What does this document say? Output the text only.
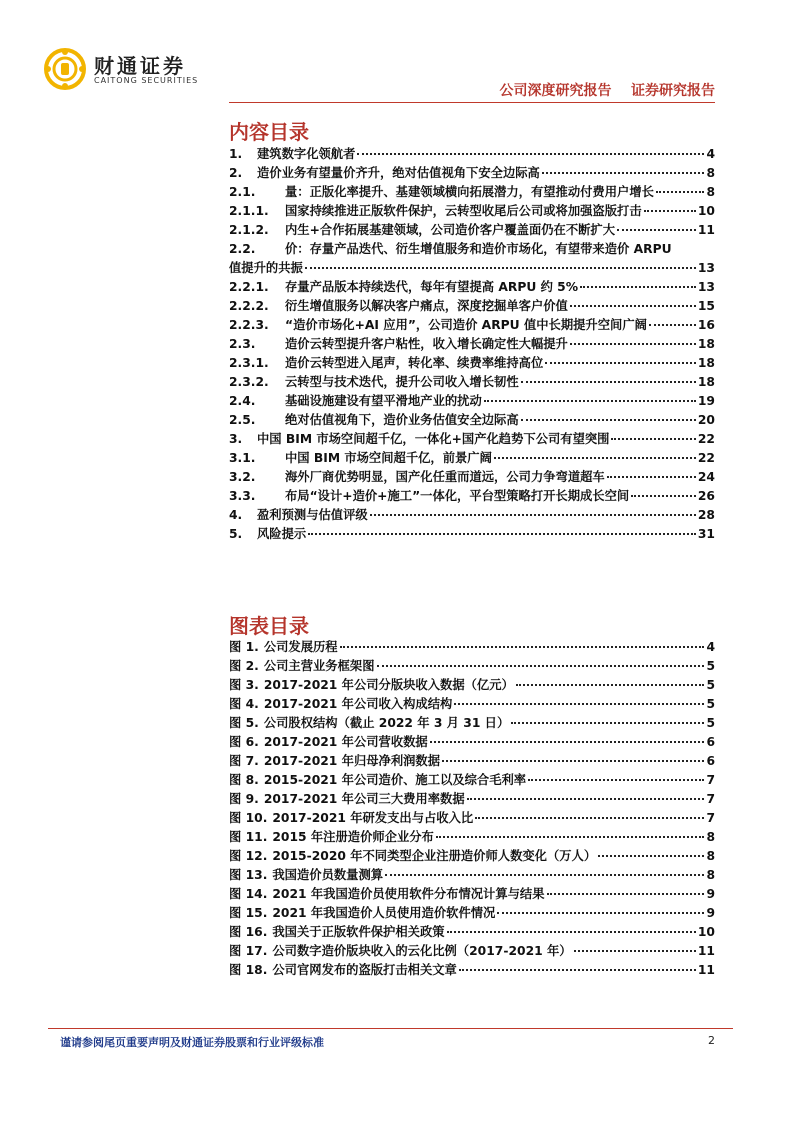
财通证券
CAITONG SECURITIES
公司深度研究报告    证券研究报告
内容目录
1.	建筑数字化领航者	4
2.	造价业务有望量价齐升，绝对估值视角下安全边际高	8
2.1.	量：正版化率提升、基建领域横向拓展潜力，有望推动付费用户增长	8
2.1.1.	国家持续推进正版软件保护，云转型收尾后公司或将加强盗版打击	10
2.1.2.	内生+合作拓展基建领域，公司造价客户覆盖面仍在不断扩大	11
2.2.	价：存量产品迭代、衍生增值服务和造价市场化，有望带来造价 ARPU
值提升的共振	13
2.2.1.	存量产品版本持续迭代，每年有望提高 ARPU 约 5%	13
2.2.2.	衍生增值服务以解决客户痛点，深度挖掘单客户价值	15
2.2.3.	“造价市场化+AI 应用”，公司造价 ARPU 值中长期提升空间广阔	16
2.3.	造价云转型提升客户粘性，收入增长确定性大幅提升	18
2.3.1.	造价云转型进入尾声，转化率、续费率维持高位	18
2.3.2.	云转型与技术迭代，提升公司收入增长韧性	18
2.4.	基础设施建设有望平滑地产业的扰动	19
2.5.	绝对估值视角下，造价业务估值安全边际高	20
3.	中国 BIM 市场空间超千亿，一体化+国产化趋势下公司有望突围	22
3.1.	中国 BIM 市场空间超千亿，前景广阔	22
3.2.	海外厂商优势明显，国产化任重而道远，公司力争弯道超车	24
3.3.	布局“设计+造价+施工”一体化，平台型策略打开长期成长空间	26
4.	盈利预测与估值评级	28
5.	风险提示	31
图表目录
图 1. 公司发展历程	4
图 2. 公司主营业务框架图	5
图 3. 2017-2021 年公司分版块收入数据（亿元）	5
图 4. 2017-2021 年公司收入构成结构	5
图 5. 公司股权结构（截止 2022 年 3 月 31 日）	5
图 6. 2017-2021 年公司营收数据	6
图 7. 2017-2021 年归母净利润数据	6
图 8. 2015-2021 年公司造价、施工以及综合毛利率	7
图 9. 2017-2021 年公司三大费用率数据	7
图 10. 2017-2021 年研发支出与占收入比	7
图 11. 2015 年注册造价师企业分布	8
图 12. 2015-2020 年不同类型企业注册造价师人数变化（万人）	8
图 13. 我国造价员数量测算	8
图 14. 2021 年我国造价员使用软件分布情况计算与结果	9
图 15. 2021 年我国造价人员使用造价软件情况	9
图 16. 我国关于正版软件保护相关政策	10
图 17. 公司数字造价版块收入的云化比例（2017-2021 年）	11
图 18. 公司官网发布的盗版打击相关文章	11
谨请参阅尾页重要声明及财通证券股票和行业评级标准	2
